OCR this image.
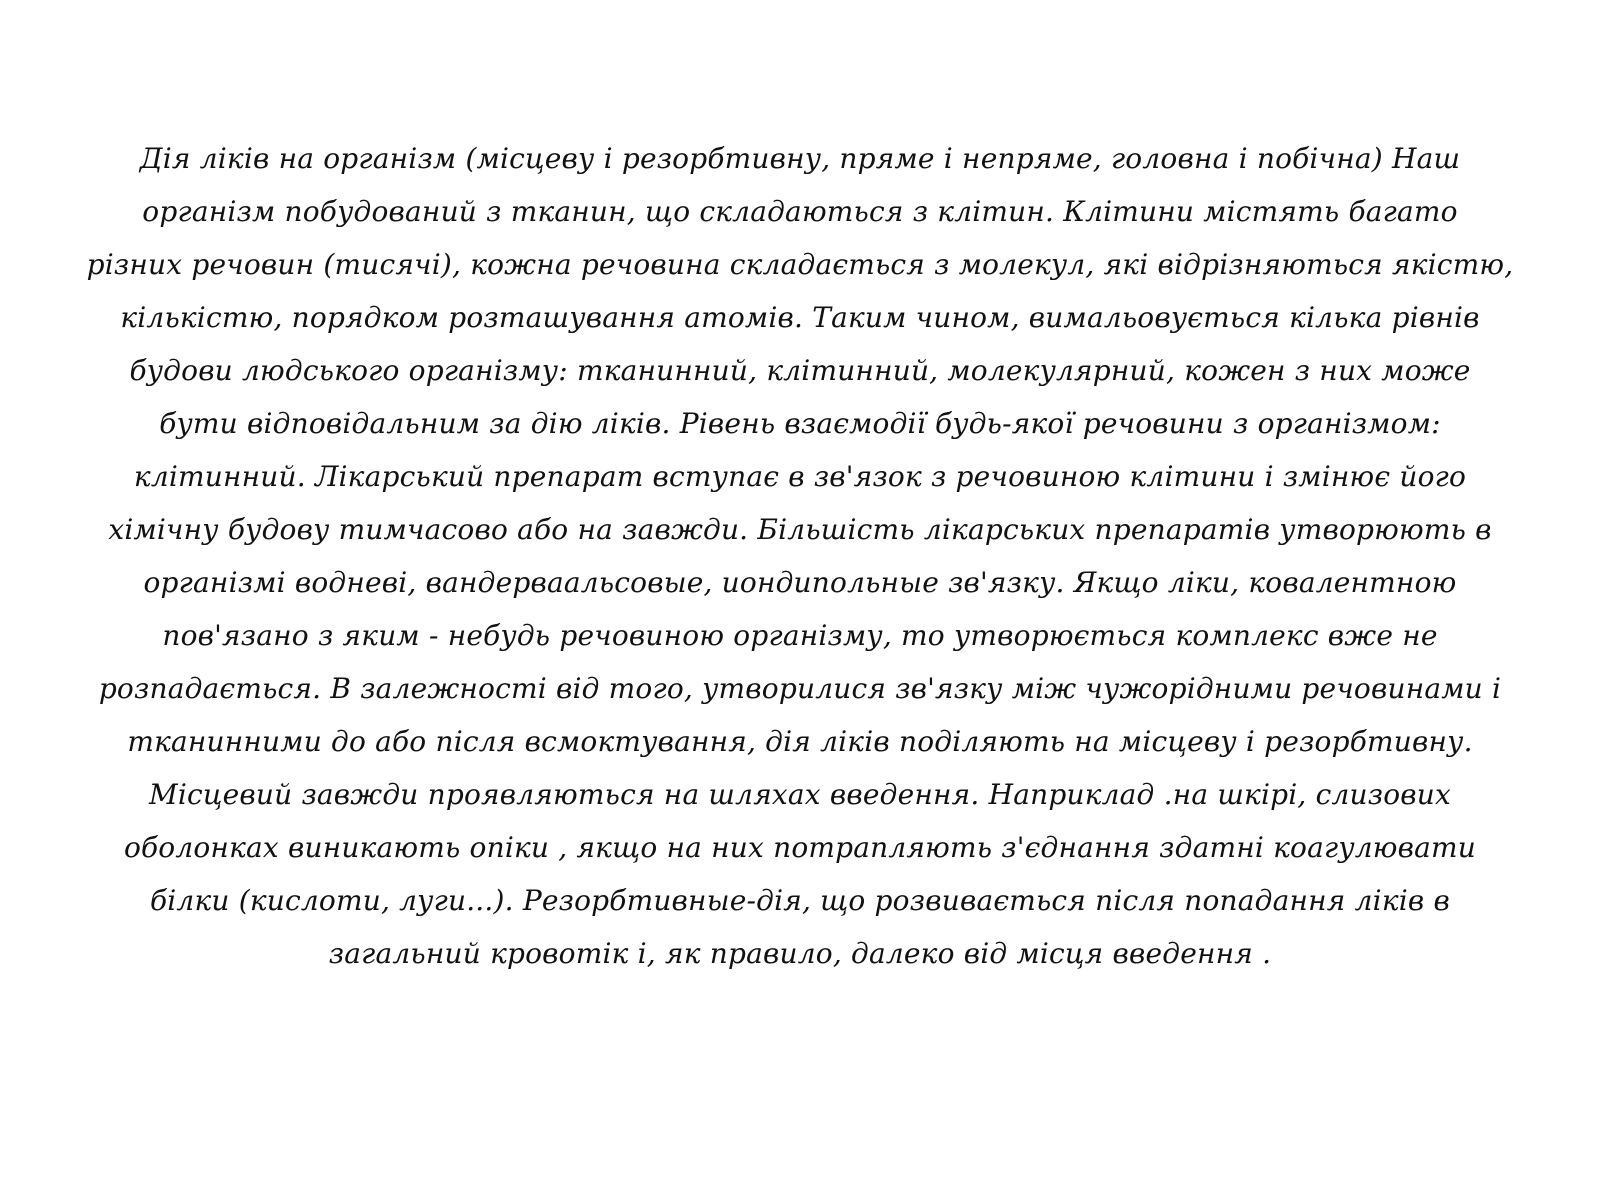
Дія ліків на організм (місцеву і резорбтивну, пряме і непряме, головна і побічна) Наш
організм побудований з тканин, що складаються з клітин. Клітини містять багато
різних речовин (тисячі), кожна речовина складається з молекул, які відрізняються якістю,
кількістю, порядком розташування атомів. Таким чином, вимальовується кілька рівнів
будови людського організму: тканинний, клітинний, молекулярний, кожен з них може
бути відповідальним за дію ліків. Рівень взаємодії будь-якої речовини з організмом:
клітинний. Лікарський препарат вступає в зв'язок з речовиною клітини і змінює його
хімічну будову тимчасово або на завжди. Більшість лікарських препаратів утворюють в
організмі водневі, вандерваальсовые, иондипольные зв'язку. Якщо ліки, ковалентною
пов'язано з яким - небудь речовиною організму, то утворюється комплекс вже не
розпадається. В залежності від того, утворилися зв'язку між чужорідними речовинами і
тканинними до або після всмоктування, дія ліків поділяють на місцеву і резорбтивну.
Місцевий завжди проявляються на шляхах введення. Наприклад .на шкірі, слизових
оболонках виникають опіки , якщо на них потрапляють з'єднання здатні коагулювати
білки (кислоти, луги...). Резорбтивные-дія, що розвивається після попадання ліків в
загальний кровотік і, як правило, далеко від місця введення .
